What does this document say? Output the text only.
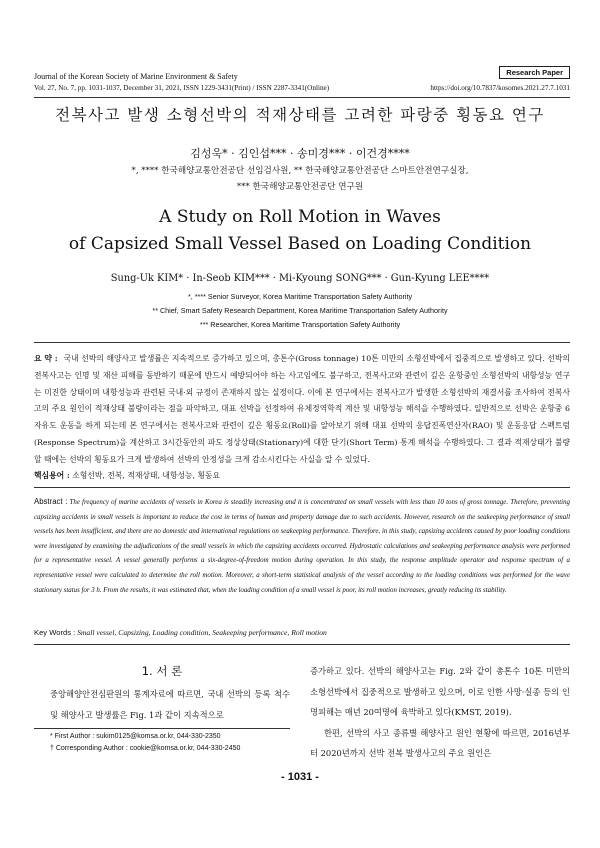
Journal of the Korean Society of Marine Environment & Safety	Research Paper
Vol. 27, No. 7, pp. 1031-1037, December 31, 2021, ISSN 1229-3431(Print) / ISSN 2287-3341(Online)	https://doi.org/10.7837/kosomes.2021.27.7.1031
전복사고 발생 소형선박의 적재상태를 고려한 파랑중 횡동요 연구
김성욱* · 김인섭*** · 송미경*** · 이건경****
*, **** 한국해양교통안전공단 선임검사원, ** 한국해양교통안전공단 스마트안전연구실장,
*** 한국해양교통안전공단 연구원
A Study on Roll Motion in Waves
of Capsized Small Vessel Based on Loading Condition
Sung-Uk KIM* · In-Seob KIM*** · Mi-Kyoung SONG*** · Gun-Kyung LEE****
*, **** Senior Surveyor, Korea Maritime Transportation Safety Authority
** Chief, Smart Safety Research Department, Korea Maritime Transportation Safety Authority
*** Researcher, Korea Maritime Transportation Safety Authority
요 약 : 국내 선박의 해양사고 발생률은 지속적으로 증가하고 있으며, 총톤수(Gross tonnage) 10톤 미만의 소형선박에서 집중적으로 발생하고 있다. 선박의 전복사고는 인명 및 재산 피해를 동반하기 때문에 반드시 예방되어야 하는 사고임에도 불구하고, 전복사고와 관련이 깊은 운항중인 소형선박의 내항성능 연구는 미진한 상태이며 내항성능과 관련된 국내·외 규정이 존재하지 않는 실정이다. 이에 본 연구에서는 전복사고가 발생한 소형선박의 재결서를 조사하여 전복사고의 주요 원인이 적재상태 불량이라는 점을 파악하고, 대표 선박을 선정하여 유체정역학적 계산 및 내항성능 해석을 수행하였다. 일반적으로 선박은 운항중 6자유도 운동을 하게 되는데 본 연구에서는 전복사고와 관련이 깊은 횡동요(Roll)를 알아보기 위해 대표 선박의 응답진폭연산자(RAO) 및 운동응답 스펙트럼(Response Spectrum)을 계산하고 3시간동안의 파도 정상상태(Stationary)에 대한 단기(Short Term) 통계 해석을 수행하였다. 그 결과 적재상태가 불량할 때에는 선박의 횡동요가 크게 발생하여 선박의 안정성을 크게 감소시킨다는 사실을 알 수 있었다.
핵심용어 : 소형선박, 전복, 적재상태, 내항성능, 횡동요
Abstract : The frequency of marine accidents of vessels in Korea is steadily increasing and it is concentrated on small vessels with less than 10 tons of gross tonnage. Therefore, preventing capsizing accidents in small vessels is important to reduce the cost in terms of human and property damage due to such accidents. However, research on the seakeeping performance of small vessels has been insufficient, and there are no domestic and international regulations on seakeeping performance. Therefore, in this study, capsizing accidents caused by poor loading conditions were investigated by examining the adjudications of the small vessels in which the capsizing accidents occurred. Hydrostatic calculations and seakeeping performance analysis were performed for a representative vessel. A vessel generally performs a six-degree-of-freedom motion during operation. In this study, the response amplitude operator and response spectrum of a representative vessel were calculated to determine the roll motion. Moreover, a short-term statistical analysis of the vessel according to the loading conditions was performed for the wave stationary status for 3 h. From the results, it was estimated that, when the loading condition of a small vessel is poor, its roll motion increases, greatly reducing its stability.
Key Words : Small vessel, Capsizing, Loading condition, Seakeeping performance, Roll motion
1. 서 론
중앙해양안전심판원의 통계자료에 따르면, 국내 선박의 등록 척수 및 해양사고 발생률은 Fig. 1과 같이 지속적으로
증가하고 있다. 선박의 해양사고는 Fig. 2와 같이 총톤수 10톤 미만의 소형선박에서 집중적으로 발생하고 있으며, 이로 인한 사망·실종 등의 인명피해는 매년 20여명에 육박하고 있다(KMST, 2019).
한편, 선박의 사고 종류별 해양사고 원인 현황에 따르면, 2016년부터 2020년까지 선박 전복 발생사고의 주요 원인은
* First Author : sukim0125@komsa.or.kr, 044-330-2350
† Corresponding Author : cookie@komsa.or.kr, 044-330-2450
- 1031 -
